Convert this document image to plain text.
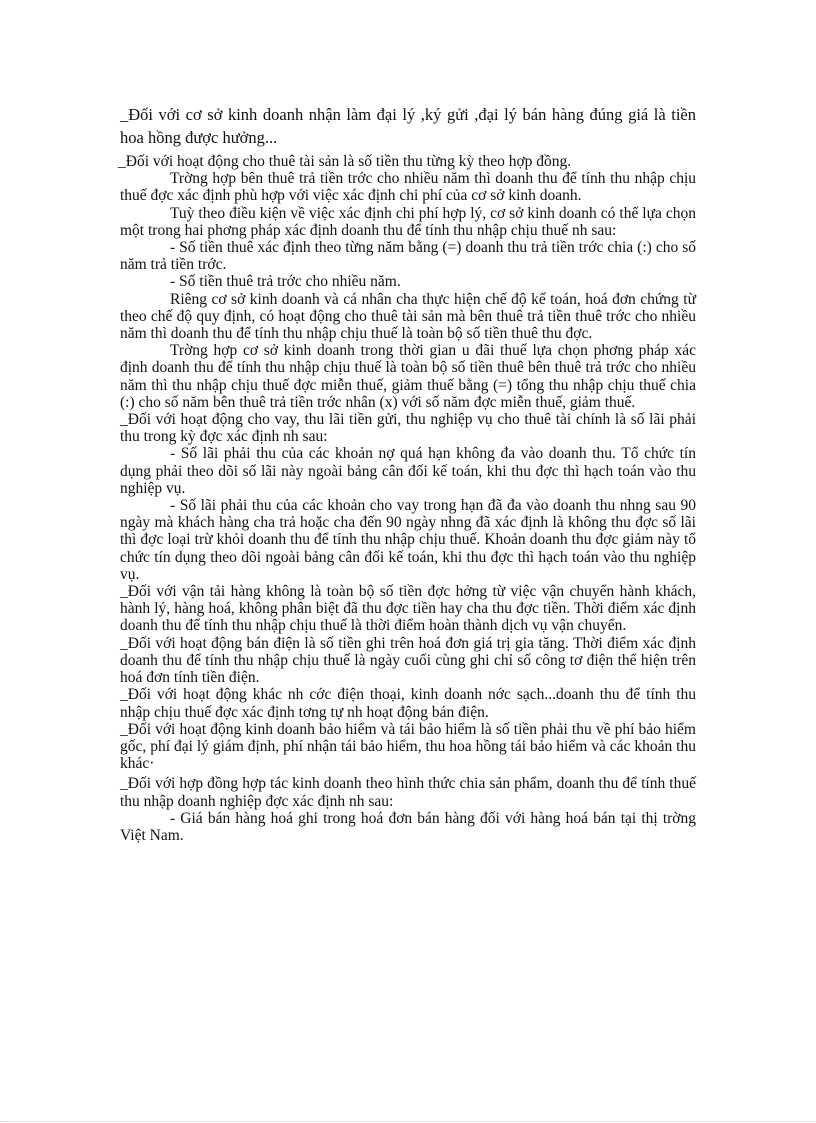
_Đối với cơ sở kinh doanh nhận làm đại lý ,ký gửi ,đại lý bán hàng đúng giá là tiền hoa hồng được hưởng...

_Đối với hoạt động cho thuê tài sản là số tiền thu từng kỳ theo hợp đồng.

Trờng hợp bên thuê trả tiền trớc cho nhiều năm thì doanh thu để tính thu nhập chịu thuế đợc xác định phù hợp với việc xác định chi phí của cơ sở kinh doanh.

Tuỳ theo điều kiện về việc xác định chi phí hợp lý, cơ sở kinh doanh có thể lựa chọn một trong hai phơng pháp xác định doanh thu để tính thu nhập chịu thuế nh sau:

- Số tiền thuê xác định theo từng năm bằng (=) doanh thu trả tiền trớc chia (:) cho số năm trả tiền trớc.

- Số tiền thuê trả trớc cho nhiều năm.

Riêng cơ sở kinh doanh và cá nhân cha thực hiện chế độ kế toán, hoá đơn chứng từ theo chế độ quy định, có hoạt động cho thuê tài sản mà bên thuê trả tiền thuê trớc cho nhiều năm thì doanh thu để tính thu nhập chịu thuế là toàn bộ số tiền thuê thu đợc.

Trờng hợp cơ sở kinh doanh trong thời gian u đãi thuế lựa chọn phơng pháp xác định doanh thu để tính thu nhập chịu thuế là toàn bộ số tiền thuê bên thuê trả trớc cho nhiều năm thì thu nhập chịu thuế đợc miễn thuế, giảm thuế bằng (=) tổng thu nhập chịu thuế chia (:) cho số năm bên thuê trả tiền trớc nhân (x) với số năm đợc miễn thuế, giảm thuế.

_Đối với hoạt động cho vay, thu lãi tiền gửi, thu nghiệp vụ cho thuê tài chính là số lãi phải thu trong kỳ đợc xác định nh sau:

- Số lãi phải thu của các khoản nợ quá hạn không đa vào doanh thu. Tổ chức tín dụng phải theo dõi số lãi này ngoài bảng cân đối kế toán, khi thu đợc thì hạch toán vào thu nghiệp vụ.

- Số lãi phải thu của các khoản cho vay trong hạn đã đa vào doanh thu nhng sau 90 ngày mà khách hàng cha trả hoặc cha đến 90 ngày nhng đã xác định là không thu đợc số lãi thì đợc loại trừ khỏi doanh thu để tính thu nhập chịu thuế. Khoản doanh thu đợc giảm này tổ chức tín dụng theo dõi ngoài bảng cân đối kế toán, khi thu đợc thì hạch toán vào thu nghiệp vụ.

_Đối với vận tải hàng không là toàn bộ số tiền đợc hởng từ việc vận chuyển hành khách, hành lý, hàng hoá, không phân biệt đã thu đợc tiền hay cha thu đợc tiền. Thời điểm xác định doanh thu để tính thu nhập chịu thuế là thời điểm hoàn thành dịch vụ vận chuyển.

_Đối với hoạt động bán điện là số tiền ghi trên hoá đơn giá trị gia tăng. Thời điểm xác định doanh thu để tính thu nhập chịu thuế là ngày cuối cùng ghi chỉ số công tơ điện thể hiện trên hoá đơn tính tiền điện.

_Đối với hoạt động khác nh cớc điện thoại, kinh doanh nớc sạch...doanh thu để tính thu nhập chịu thuế đợc xác định tơng tự nh hoạt động bán điện.

_Đối với hoạt động kinh doanh bảo hiểm và tái bảo hiểm là số tiền phải thu về phí bảo hiểm gốc, phí đại lý giám định, phí nhận tái bảo hiểm, thu hoa hồng tái bảo hiểm và các khoản thu khác·

_Đối với hợp đồng hợp tác kinh doanh theo hình thức chia sản phẩm, doanh thu để tính thuế thu nhập doanh nghiệp đợc xác định nh sau:

- Giá bán hàng hoá ghi trong hoá đơn bán hàng đối với hàng hoá bán tại thị trờng Việt Nam.
